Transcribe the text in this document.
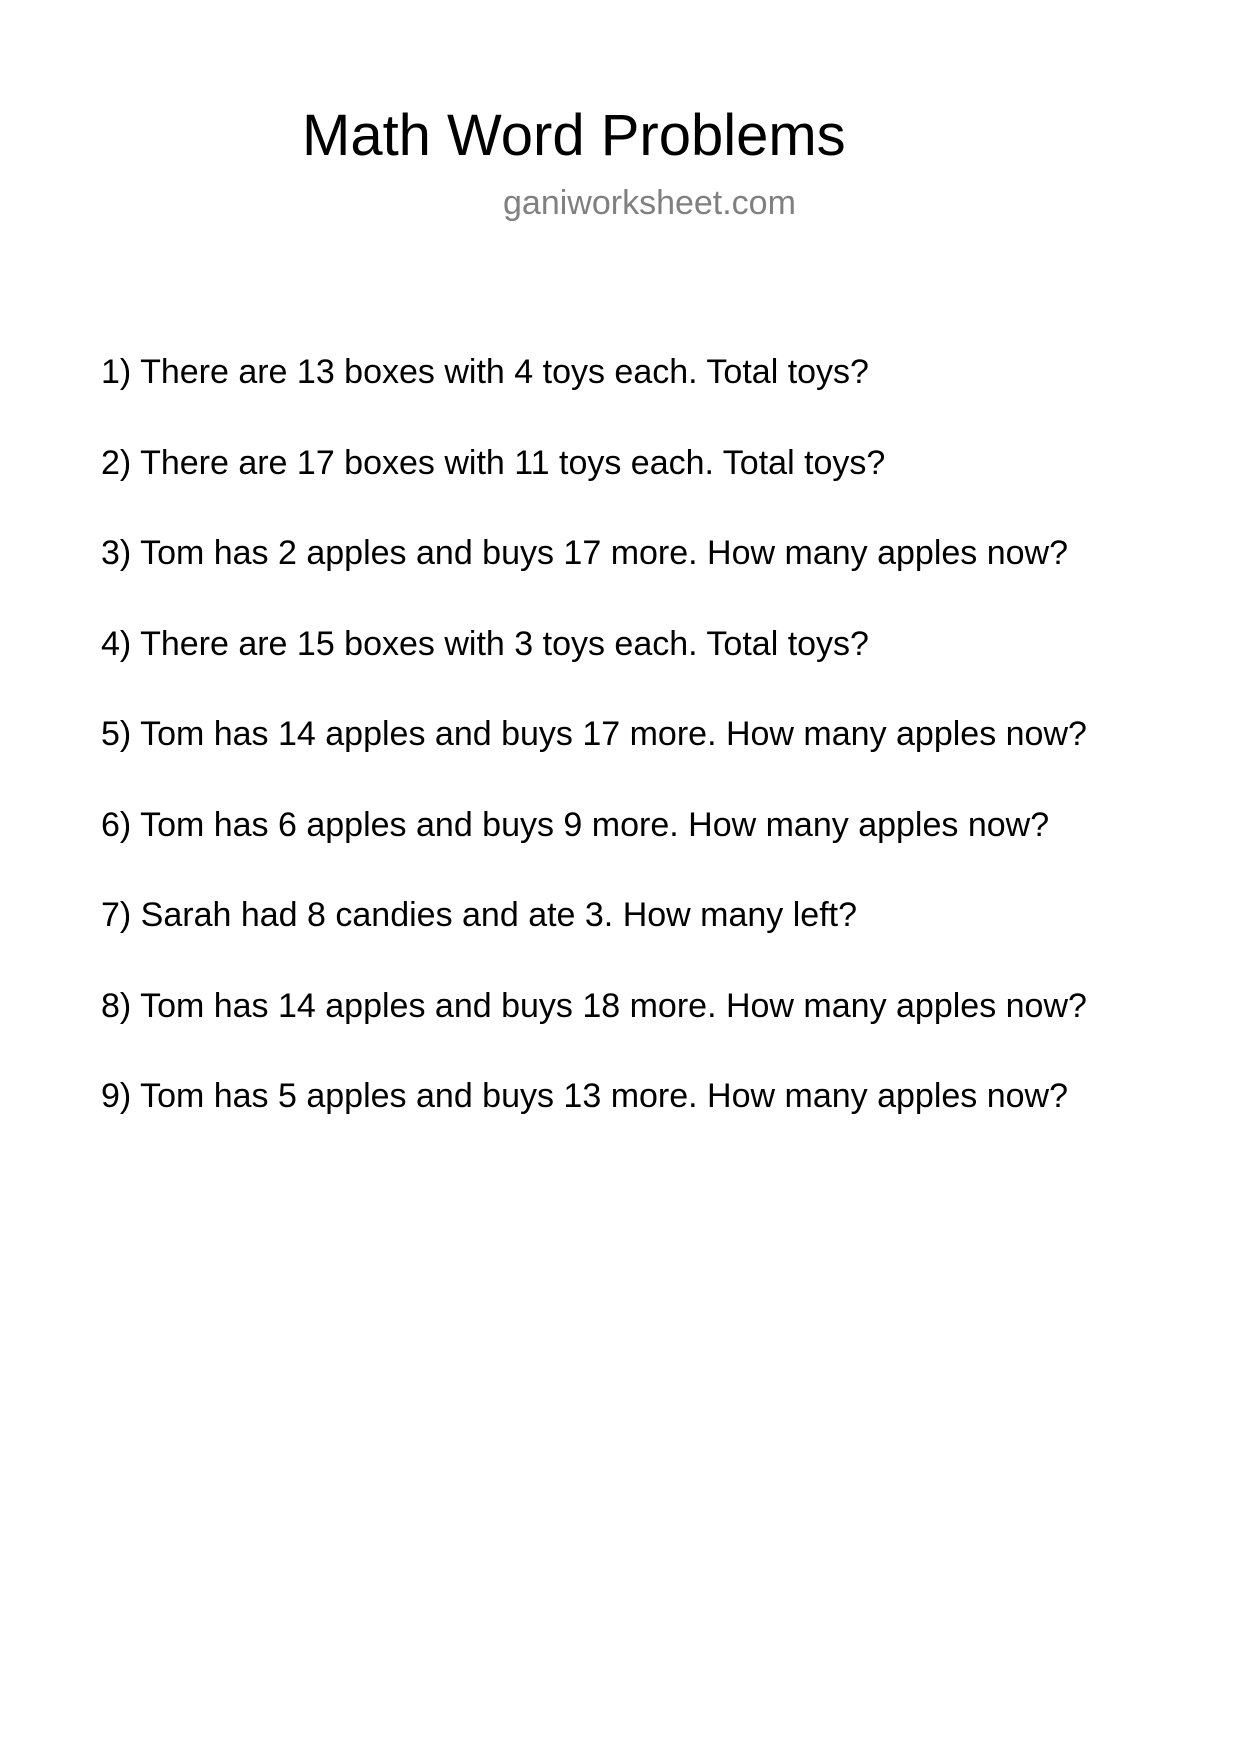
Math Word Problems
ganiworksheet.com
1) There are 13 boxes with 4 toys each. Total toys?
2) There are 17 boxes with 11 toys each. Total toys?
3) Tom has 2 apples and buys 17 more. How many apples now?
4) There are 15 boxes with 3 toys each. Total toys?
5) Tom has 14 apples and buys 17 more. How many apples now?
6) Tom has 6 apples and buys 9 more. How many apples now?
7) Sarah had 8 candies and ate 3. How many left?
8) Tom has 14 apples and buys 18 more. How many apples now?
9) Tom has 5 apples and buys 13 more. How many apples now?
